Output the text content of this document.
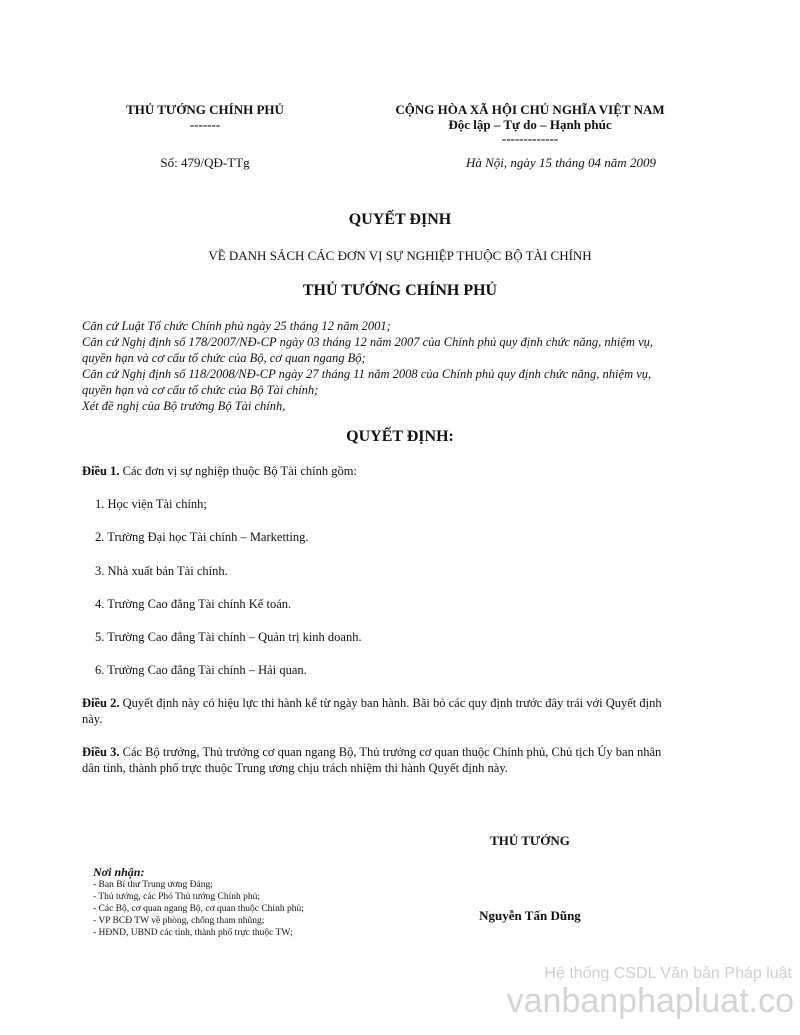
THỦ TƯỚNG CHÍNH PHỦ
-------
CỘNG HÒA XÃ HỘI CHỦ NGHĨA VIỆT NAM
Độc lập – Tự do – Hạnh phúc
-------------
Số: 479/QĐ-TTg	Hà Nội, ngày 15 tháng 04 năm 2009
QUYẾT ĐỊNH
VỀ DANH SÁCH CÁC ĐƠN VỊ SỰ NGHIỆP THUỘC BỘ TÀI CHÍNH
THỦ TƯỚNG CHÍNH PHỦ
Căn cứ Luật Tổ chức Chính phủ ngày 25 tháng 12 năm 2001;
Căn cứ Nghị định số 178/2007/NĐ-CP ngày 03 tháng 12 năm 2007 của Chính phủ quy định chức năng, nhiệm vụ,
quyền hạn và cơ cấu tổ chức của Bộ, cơ quan ngang Bộ;
Căn cứ Nghị định số 118/2008/NĐ-CP ngày 27 tháng 11 năm 2008 của Chính phủ quy định chức năng, nhiệm vụ,
quyền hạn và cơ cấu tổ chức của Bộ Tài chính;
Xét đề nghị của Bộ trưởng Bộ Tài chính,
QUYẾT ĐỊNH:
Điều 1. Các đơn vị sự nghiệp thuộc Bộ Tài chính gồm:
1. Học viện Tài chính;
2. Trường Đại học Tài chính – Marketting.
3. Nhà xuất bản Tài chính.
4. Trường Cao đẳng Tài chính Kế toán.
5. Trường Cao đẳng Tài chính – Quản trị kinh doanh.
6. Trường Cao đẳng Tài chính – Hải quan.
Điều 2. Quyết định này có hiệu lực thi hành kể từ ngày ban hành. Bãi bỏ các quy định trước đây trái với Quyết định
này.
Điều 3. Các Bộ trưởng, Thủ trưởng cơ quan ngang Bộ, Thủ trưởng cơ quan thuộc Chính phủ, Chủ tịch Ủy ban nhân
dân tỉnh, thành phố trực thuộc Trung ương chịu trách nhiệm thi hành Quyết định này.
THỦ TƯỚNG
Nguyễn Tấn Dũng
Nơi nhận:
- Ban Bí thư Trung ương Đảng;
- Thủ tướng, các Phó Thủ tướng Chính phủ;
- Các Bộ, cơ quan ngang Bộ, cơ quan thuộc Chính phủ;
- VP BCĐ TW về phòng, chống tham nhũng;
- HĐND, UBND các tỉnh, thành phố trực thuộc TW;
Hệ thống CSDL Văn bản Pháp luật
vanbanphapluat.co
